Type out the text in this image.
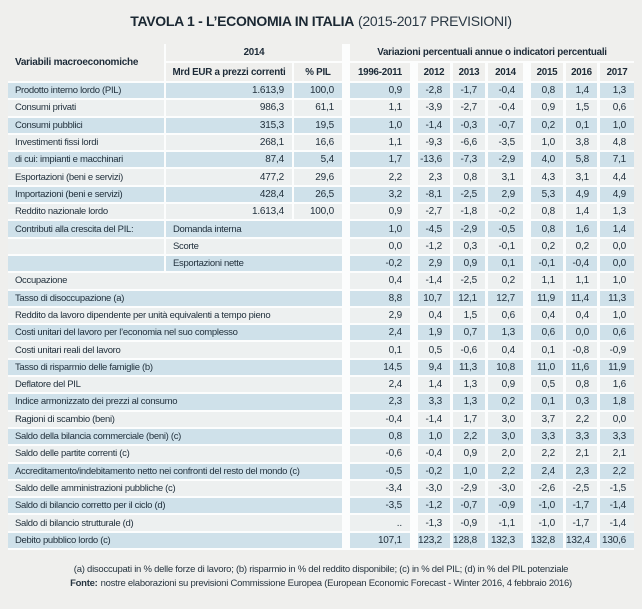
TAVOLA 1 - L’ECONOMIA IN ITALIA (2015-2017 PREVISIONI)
Variabili macroeconomiche	2014			Variazioni percentuali annue o indicatori percentuali								
	Mrd EUR a prezzi correnti	% PIL		1996-2011		2012	2013	2014		2015	2016	2017
Prodotto interno lordo (PIL)	1.613,9	100,0		0,9		-2,8	-1,7	-0,4		0,8	1,4	1,3
Consumi privati	986,3	61,1		1,1		-3,9	-2,7	-0,4		0,9	1,5	0,6
Consumi pubblici	315,3	19,5		1,0		-1,4	-0,3	-0,7		0,2	0,1	1,0
Investimenti fissi lordi	268,1	16,6		1,1		-9,3	-6,6	-3,5		1,0	3,8	4,8
di cui: impianti e macchinari	87,4	5,4		1,7		-13,6	-7,3	-2,9		4,0	5,8	7,1
Esportazioni (beni e servizi)	477,2	29,6		2,2		2,3	0,8	3,1		4,3	3,1	4,4
Importazioni (beni e servizi)	428,4	26,5		3,2		-8,1	-2,5	2,9		5,3	4,9	4,9
Reddito nazionale lordo	1.613,4	100,0		0,9		-2,7	-1,8	-0,2		0,8	1,4	1,3
Contributi alla crescita del PIL:	Domanda interna			1,0		-4,5	-2,9	-0,5		0,8	1,6	1,4
	Scorte			0,0		-1,2	0,3	-0,1		0,2	0,2	0,0
	Esportazioni nette			-0,2		2,9	0,9	0,1		-0,1	-0,4	0,0
Occupazione				0,4		-1,4	-2,5	0,2		1,1	1,1	1,0
Tasso di disoccupazione (a)				8,8		10,7	12,1	12,7		11,9	11,4	11,3
Reddito da lavoro dipendente per unità equivalenti a tempo pieno				2,9		0,4	1,5	0,6		0,4	0,4	1,0
Costi unitari del lavoro per l’economia nel suo complesso				2,4		1,9	0,7	1,3		0,6	0,0	0,6
Costi unitari reali del lavoro				0,1		0,5	-0,6	0,4		0,1	-0,8	-0,9
Tasso di risparmio delle famiglie (b)				14,5		9,4	11,3	10,8		11,0	11,6	11,9
Deflatore del PIL				2,4		1,4	1,3	0,9		0,5	0,8	1,6
Indice armonizzato dei prezzi al consumo				2,3		3,3	1,3	0,2		0,1	0,3	1,8
Ragioni di scambio (beni)				-0,4		-1,4	1,7	3,0		3,7	2,2	0,0
Saldo della bilancia commerciale (beni) (c)				0,8		1,0	2,2	3,0		3,3	3,3	3,3
Saldo delle partite correnti (c)				-0,6		-0,4	0,9	2,0		2,2	2,1	2,1
Accreditamento/indebitamento netto nei confronti del resto del mondo (c)				-0,5		-0,2	1,0	2,2		2,4	2,3	2,2
Saldo delle amministrazioni pubbliche (c)				-3,4		-3,0	-2,9	-3,0		-2,6	-2,5	-1,5
Saldo di bilancio corretto per il ciclo (d)				-3,5		-1,2	-0,7	-0,9		-1,0	-1,7	-1,4
Saldo di bilancio strutturale (d)				..		-1,3	-0,9	-1,1		-1,0	-1,7	-1,4
Debito pubblico lordo (c)				107,1		123,2	128,8	132,3		132,8	132,4	130,6
(a) disoccupati in % delle forze di lavoro; (b) risparmio in % del reddito disponibile; (c) in % del PIL; (d) in % del PIL potenziale
Fonte: nostre elaborazioni su previsioni Commissione Europea (European Economic Forecast - Winter 2016, 4 febbraio 2016)
